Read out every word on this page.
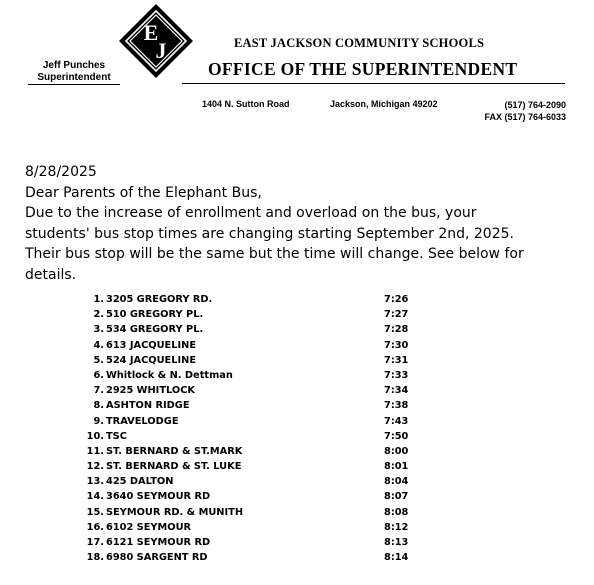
Jeff Punches
Superintendent
E
J	EAST JACKSON COMMUNITY SCHOOLS
OFFICE OF THE SUPERINTENDENT
1404 N. Sutton Road	Jackson, Michigan 49202	(517) 764-2090
FAX (517) 764-6033

8/28/2025

Dear Parents of the Elephant Bus,

Due to the increase of enrollment and overload on the bus, your

students' bus stop times are changing starting September 2nd, 2025.

Their bus stop will be the same but the time will change. See below for

details.

1. 3205 GREGORY RD.	7:26
2. 510 GREGORY PL.	7:27
3. 534 GREGORY PL.	7:28
4. 613 JACQUELINE	7:30
5. 524 JACQUELINE	7:31
6. Whitlock & N. Dettman	7:33
7. 2925 WHITLOCK	7:34
8. ASHTON RIDGE	7:38
9. TRAVELODGE	7:43
10. TSC	7:50
11. ST. BERNARD & ST.MARK	8:00
12. ST. BERNARD & ST. LUKE	8:01
13. 425 DALTON	8:04
14. 3640 SEYMOUR RD	8:07
15. SEYMOUR RD. & MUNITH	8:08
16. 6102 SEYMOUR	8:12
17. 6121 SEYMOUR RD	8:13
18. 6980 SARGENT RD	8:14
